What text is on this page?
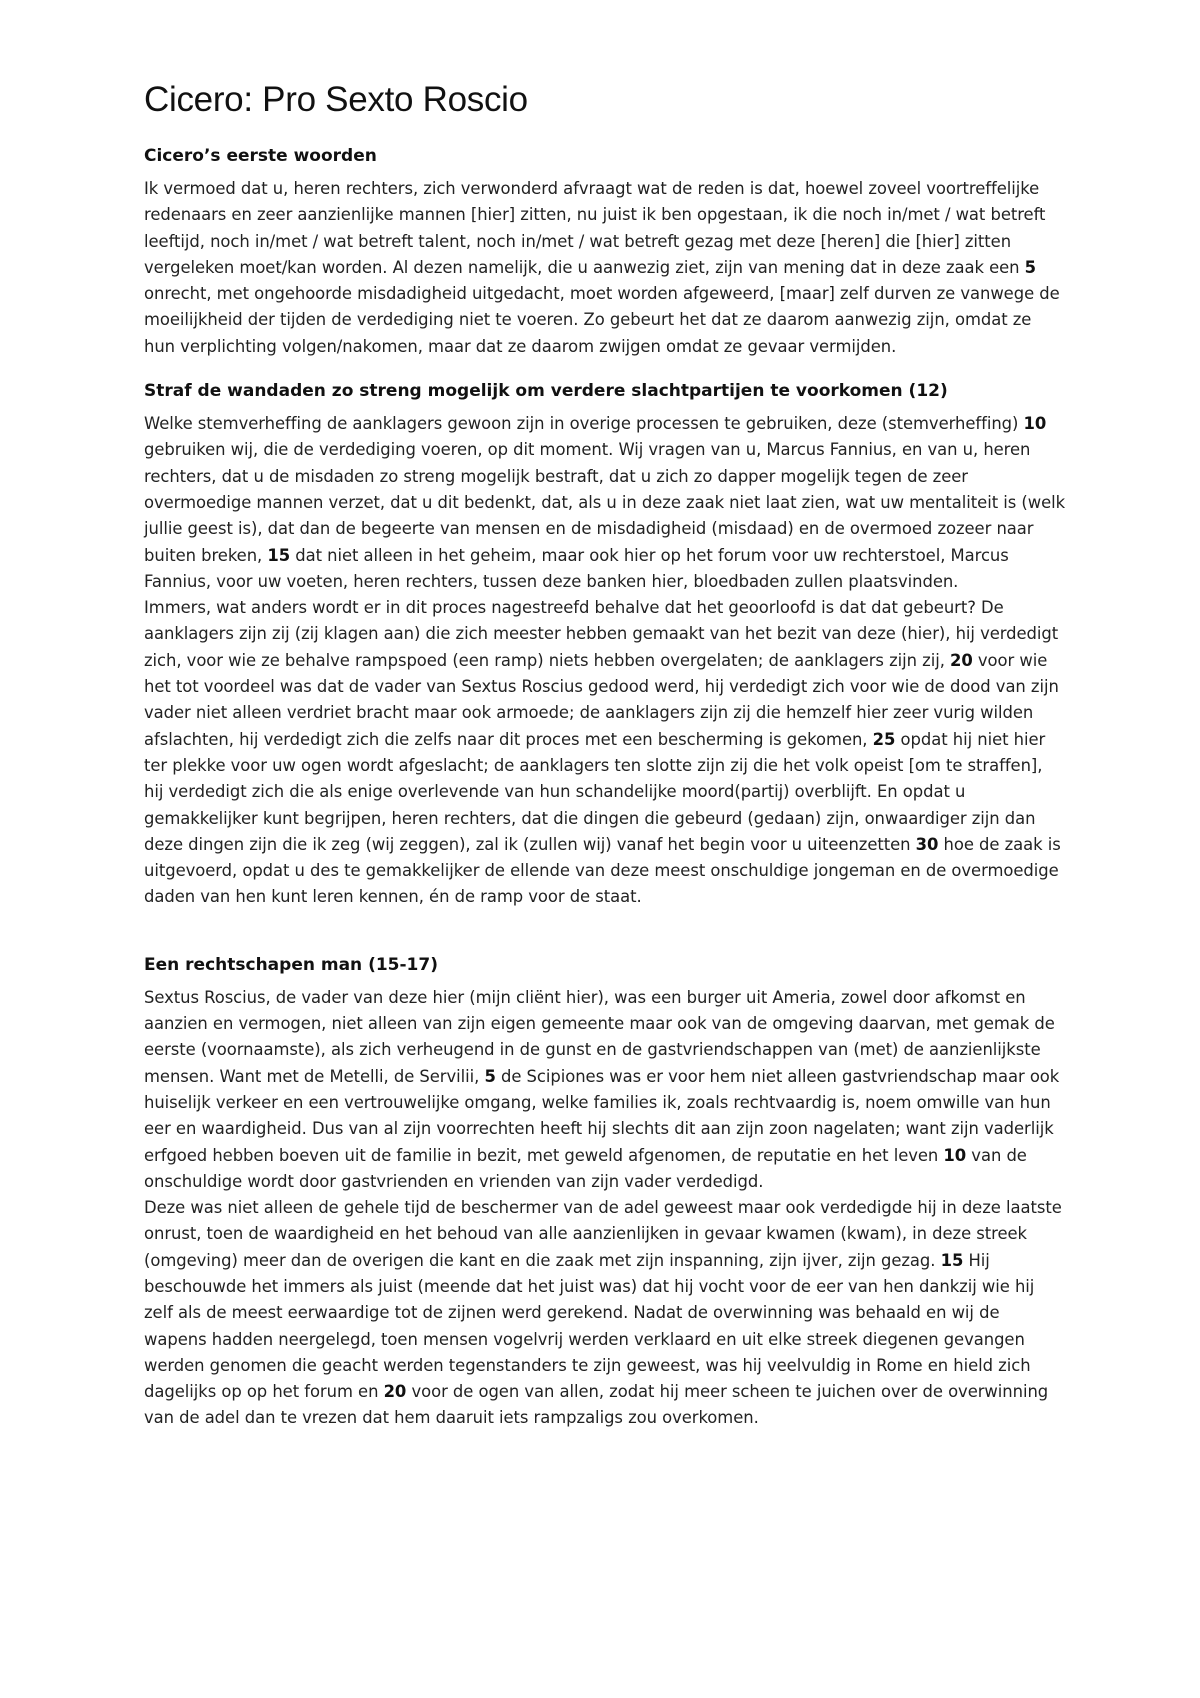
Cicero: Pro Sexto Roscio
Cicero’s eerste woorden

Ik vermoed dat u, heren rechters, zich verwonderd afvraagt wat de reden is dat, hoewel zoveel voortreffelijke redenaars en zeer aanzienlijke mannen [hier] zitten, nu juist ik ben opgestaan, ik die noch in/met / wat betreft leeftijd, noch in/met / wat betreft talent, noch in/met / wat betreft gezag met deze [heren] die [hier] zitten vergeleken moet/kan worden. Al dezen namelijk, die u aanwezig ziet, zijn van mening dat in deze zaak een 5 onrecht, met ongehoorde misdadigheid uitgedacht, moet worden afgeweerd, [maar] zelf durven ze vanwege de moeilijkheid der tijden de verdediging niet te voeren. Zo gebeurt het dat ze daarom aanwezig zijn, omdat ze hun verplichting volgen/nakomen, maar dat ze daarom zwijgen omdat ze gevaar vermijden.

Straf de wandaden zo streng mogelijk om verdere slachtpartijen te voorkomen (12)

Welke stemverheffing de aanklagers gewoon zijn in overige processen te gebruiken, deze (stemverheffing) 10 gebruiken wij, die de verdediging voeren, op dit moment. Wij vragen van u, Marcus Fannius, en van u, heren rechters, dat u de misdaden zo streng mogelijk bestraft, dat u zich zo dapper mogelijk tegen de zeer overmoedige mannen verzet, dat u dit bedenkt, dat, als u in deze zaak niet laat zien, wat uw mentaliteit is (welk jullie geest is), dat dan de begeerte van mensen en de misdadigheid (misdaad) en de overmoed zozeer naar buiten breken, 15 dat niet alleen in het geheim, maar ook hier op het forum voor uw rechterstoel, Marcus Fannius, voor uw voeten, heren rechters, tussen deze banken hier, bloedbaden zullen plaatsvinden.

Immers, wat anders wordt er in dit proces nagestreefd behalve dat het geoorloofd is dat dat gebeurt? De aanklagers zijn zij (zij klagen aan) die zich meester hebben gemaakt van het bezit van deze (hier), hij verdedigt zich, voor wie ze behalve rampspoed (een ramp) niets hebben overgelaten; de aanklagers zijn zij, 20 voor wie het tot voordeel was dat de vader van Sextus Roscius gedood werd, hij verdedigt zich voor wie de dood van zijn vader niet alleen verdriet bracht maar ook armoede; de aanklagers zijn zij die hemzelf hier zeer vurig wilden afslachten, hij verdedigt zich die zelfs naar dit proces met een bescherming is gekomen, 25 opdat hij niet hier ter plekke voor uw ogen wordt afgeslacht; de aanklagers ten slotte zijn zij die het volk opeist [om te straffen], hij verdedigt zich die als enige overlevende van hun schandelijke moord(partij) overblijft. En opdat u gemakkelijker kunt begrijpen, heren rechters, dat die dingen die gebeurd (gedaan) zijn, onwaardiger zijn dan deze dingen zijn die ik zeg (wij zeggen), zal ik (zullen wij) vanaf het begin voor u uiteenzetten 30 hoe de zaak is uitgevoerd, opdat u des te gemakkelijker de ellende van deze meest onschuldige jongeman en de overmoedige daden van hen kunt leren kennen, én de ramp voor de staat.

Een rechtschapen man (15-17)

Sextus Roscius, de vader van deze hier (mijn cliënt hier), was een burger uit Ameria, zowel door afkomst en aanzien en vermogen, niet alleen van zijn eigen gemeente maar ook van de omgeving daarvan, met gemak de eerste (voornaamste), als zich verheugend in de gunst en de gastvriendschappen van (met) de aanzienlijkste mensen. Want met de Metelli, de Servilii, 5 de Scipiones was er voor hem niet alleen gastvriendschap maar ook huiselijk verkeer en een vertrouwelijke omgang, welke families ik, zoals rechtvaardig is, noem omwille van hun eer en waardigheid. Dus van al zijn voorrechten heeft hij slechts dit aan zijn zoon nagelaten; want zijn vaderlijk erfgoed hebben boeven uit de familie in bezit, met geweld afgenomen, de reputatie en het leven 10 van de onschuldige wordt door gastvrienden en vrienden van zijn vader verdedigd.

Deze was niet alleen de gehele tijd de beschermer van de adel geweest maar ook verdedigde hij in deze laatste onrust, toen de waardigheid en het behoud van alle aanzienlijken in gevaar kwamen (kwam), in deze streek (omgeving) meer dan de overigen die kant en die zaak met zijn inspanning, zijn ijver, zijn gezag. 15 Hij beschouwde het immers als juist (meende dat het juist was) dat hij vocht voor de eer van hen dankzij wie hij zelf als de meest eerwaardige tot de zijnen werd gerekend. Nadat de overwinning was behaald en wij de wapens hadden neergelegd, toen mensen vogelvrij werden verklaard en uit elke streek diegenen gevangen werden genomen die geacht werden tegenstanders te zijn geweest, was hij veelvuldig in Rome en hield zich dagelijks op op het forum en 20 voor de ogen van allen, zodat hij meer scheen te juichen over de overwinning van de adel dan te vrezen dat hem daaruit iets rampzaligs zou overkomen.
